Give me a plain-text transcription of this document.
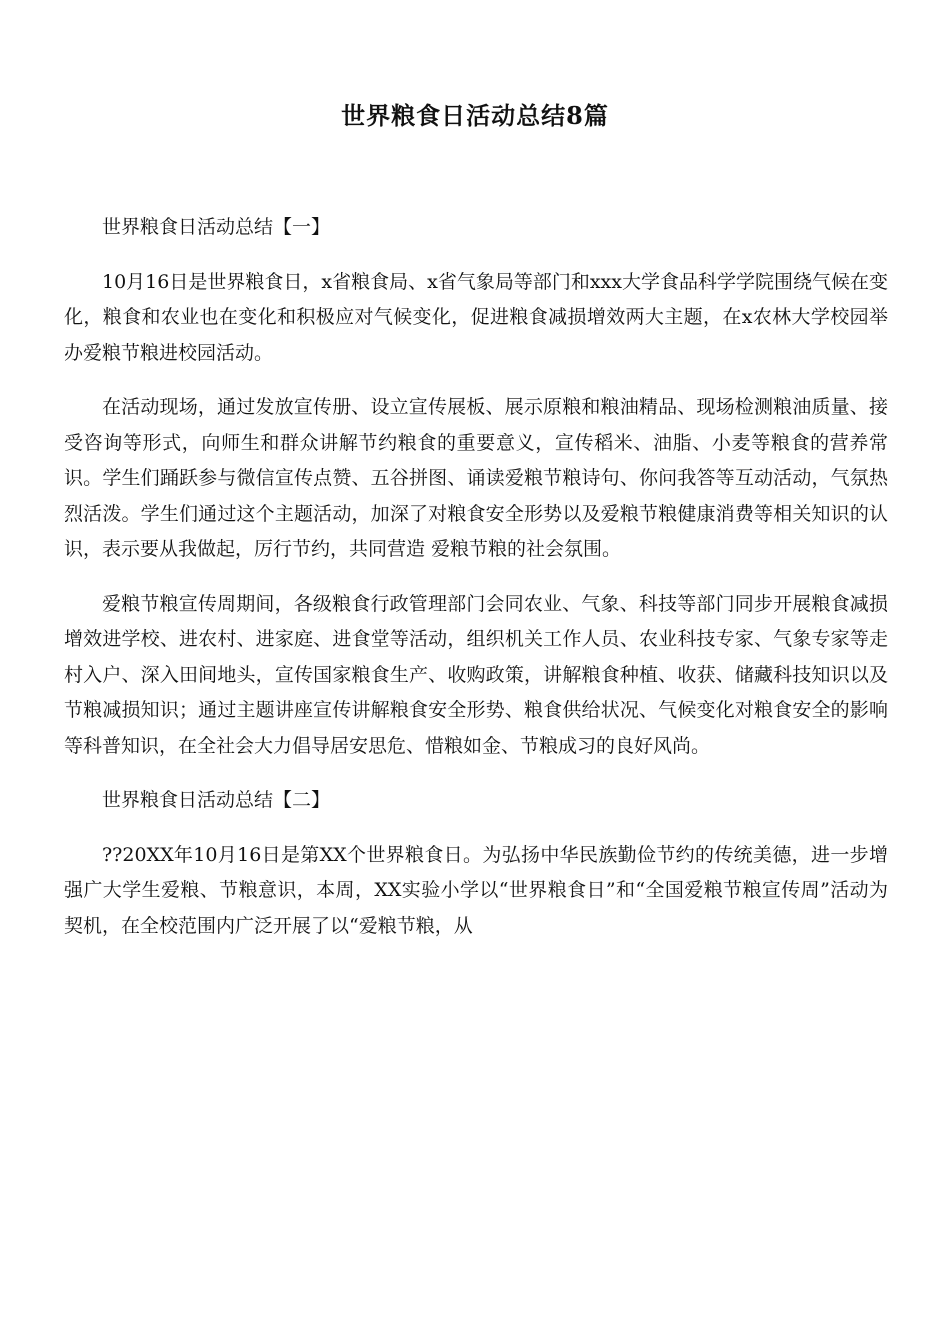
世界粮食日活动总结8篇

世界粮食日活动总结【一】

10月16日是世界粮食日，x省粮食局、x省气象局等部门和xxx大学食品科学学院围绕气候在变化，粮食和农业也在变化和积极应对气候变化，促进粮食减损增效两大主题，在x农林大学校园举办爱粮节粮进校园活动。

在活动现场，通过发放宣传册、设立宣传展板、展示原粮和粮油精品、现场检测粮油质量、接受咨询等形式，向师生和群众讲解节约粮食的重要意义，宣传稻米、油脂、小麦等粮食的营养常识。学生们踊跃参与微信宣传点赞、五谷拼图、诵读爱粮节粮诗句、你问我答等互动活动，气氛热烈活泼。学生们通过这个主题活动，加深了对粮食安全形势以及爱粮节粮健康消费等相关知识的认识，表示要从我做起，厉行节约，共同营造 爱粮节粮的社会氛围。

爱粮节粮宣传周期间，各级粮食行政管理部门会同农业、气象、科技等部门同步开展粮食减损增效进学校、进农村、进家庭、进食堂等活动，组织机关工作人员、农业科技专家、气象专家等走村入户、深入田间地头，宣传国家粮食生产、收购政策，讲解粮食种植、收获、储藏科技知识以及节粮减损知识；通过主题讲座宣传讲解粮食安全形势、粮食供给状况、气候变化对粮食安全的影响等科普知识，在全社会大力倡导居安思危、惜粮如金、节粮成习的良好风尚。

世界粮食日活动总结【二】

??20XX年10月16日是第XX个世界粮食日。为弘扬中华民族勤俭节约的传统美德，进一步增强广大学生爱粮、节粮意识，本周，XX实验小学以“世界粮食日”和“全国爱粮节粮宣传周”活动为契机，在全校范围内广泛开展了以“爱粮节粮，从
